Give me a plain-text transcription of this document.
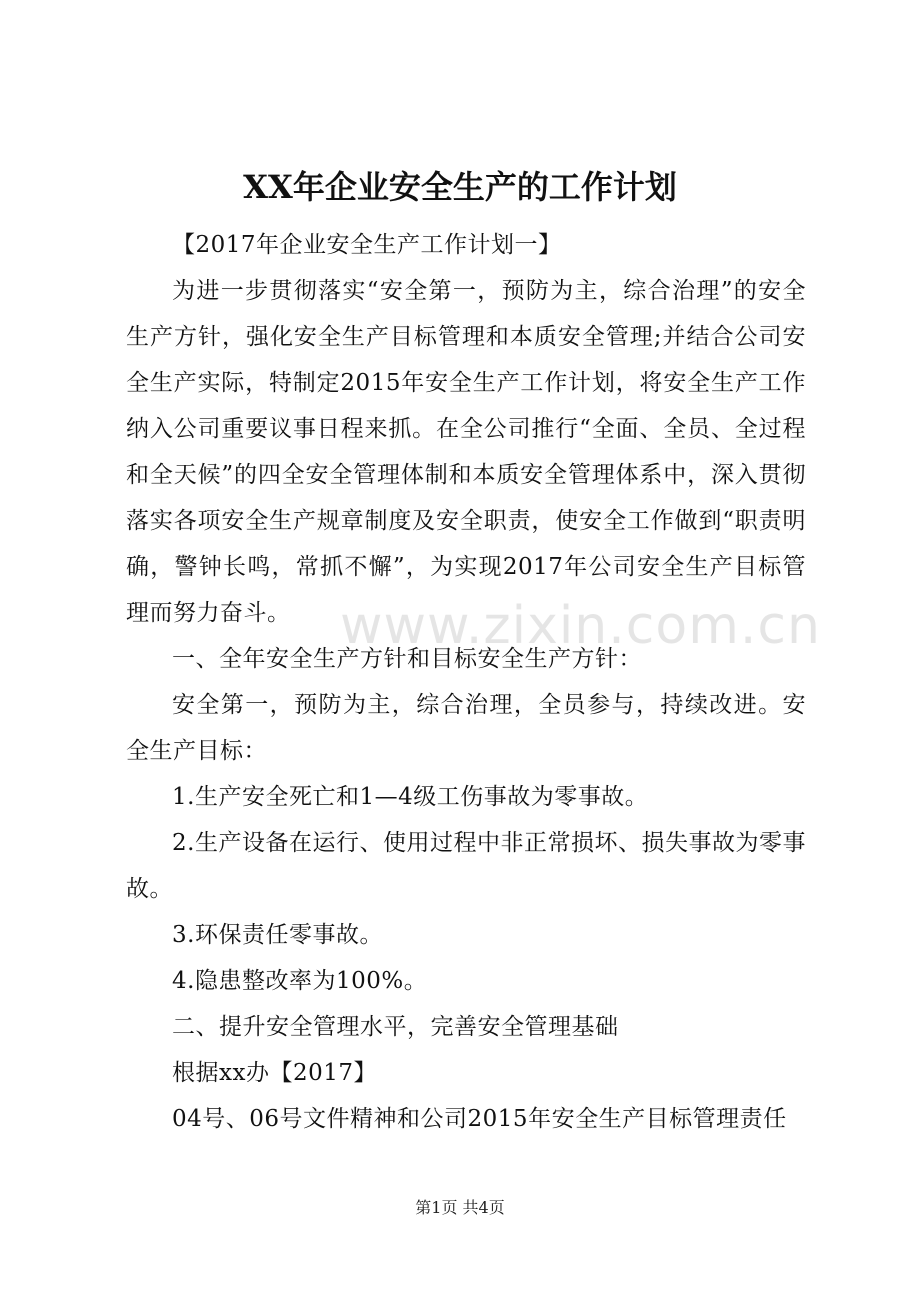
XX年企业安全生产的工作计划

【2017年企业安全生产工作计划一】

为进一步贯彻落实“安全第一，预防为主，综合治理”的安全生产方针，强化安全生产目标管理和本质安全管理;并结合公司安全生产实际，特制定2015年安全生产工作计划，将安全生产工作纳入公司重要议事日程来抓。在全公司推行“全面、全员、全过程和全天候”的四全安全管理体制和本质安全管理体系中，深入贯彻落实各项安全生产规章制度及安全职责，使安全工作做到“职责明确，警钟长鸣，常抓不懈”，为实现2017年公司安全生产目标管理而努力奋斗。

一、全年安全生产方针和目标安全生产方针：

安全第一，预防为主，综合治理，全员参与，持续改进。安全生产目标：

1.生产安全死亡和1—4级工伤事故为零事故。

2.生产设备在运行、使用过程中非正常损坏、损失事故为零事故。

3.环保责任零事故。

4.隐患整改率为100%。

二、提升安全管理水平，完善安全管理基础

根据xx办【2017】

04号、06号文件精神和公司2015年安全生产目标管理责任

www.zixin.com.cn
第1页 共4页
